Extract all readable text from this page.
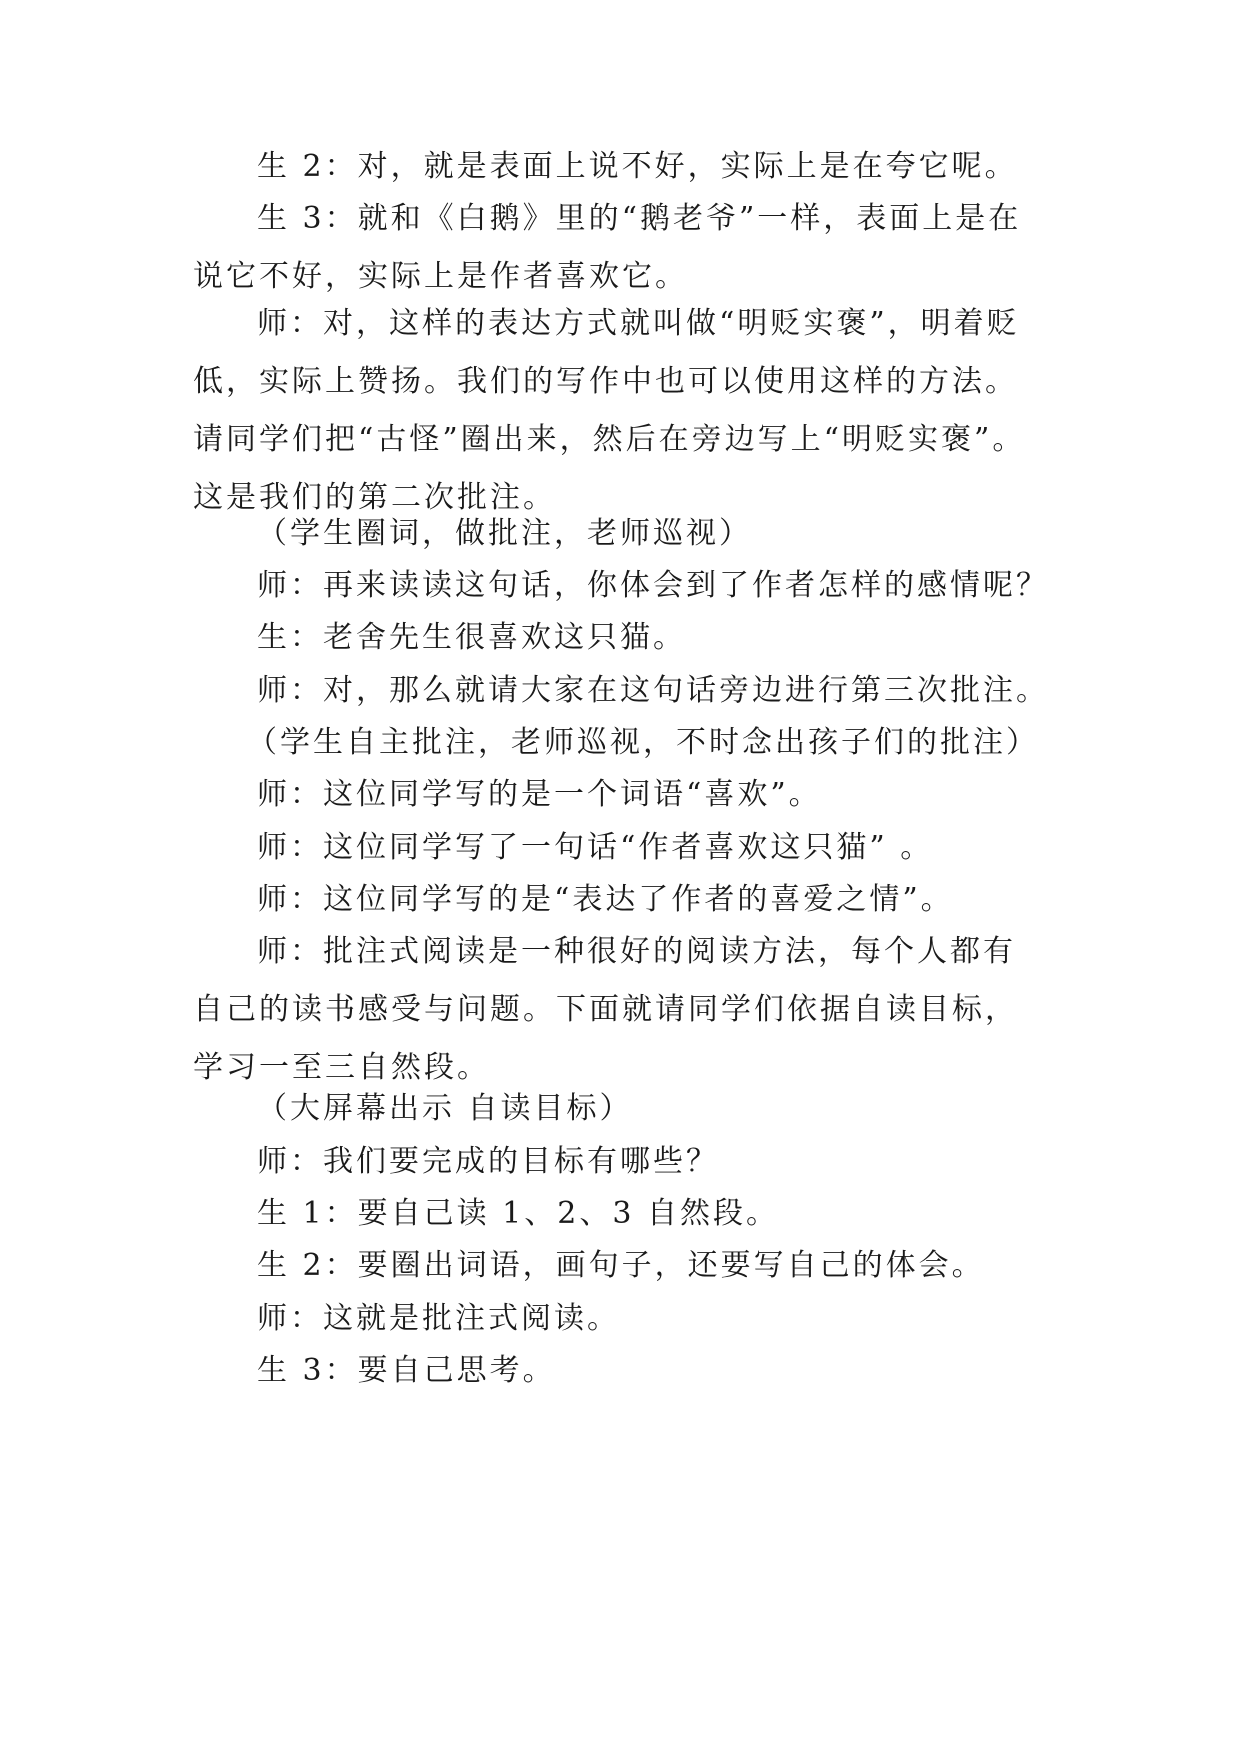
生 2：对，就是表面上说不好，实际上是在夸它呢。

生 3：就和《白鹅》里的“鹅老爷”一样，表面上是在说它不好，实际上是作者喜欢它。

师：对，这样的表达方式就叫做“明贬实褒”，明着贬低，实际上赞扬。我们的写作中也可以使用这样的方法。请同学们把“古怪”圈出来，然后在旁边写上“明贬实褒”。这是我们的第二次批注。

（学生圈词，做批注，老师巡视）

师：再来读读这句话，你体会到了作者怎样的感情呢？

生：老舍先生很喜欢这只猫。

师：对，那么就请大家在这句话旁边进行第三次批注。

（学生自主批注，老师巡视，不时念出孩子们的批注）

师：这位同学写的是一个词语“喜欢”。

师：这位同学写了一句话“作者喜欢这只猫” 。

师：这位同学写的是“表达了作者的喜爱之情”。

师：批注式阅读是一种很好的阅读方法，每个人都有自己的读书感受与问题。下面就请同学们依据自读目标，学习一至三自然段。

（大屏幕出示 自读目标）

师：我们要完成的目标有哪些？

生 1：要自己读 1、2、3 自然段。

生 2：要圈出词语，画句子，还要写自己的体会。

师：这就是批注式阅读。

生 3：要自己思考。
